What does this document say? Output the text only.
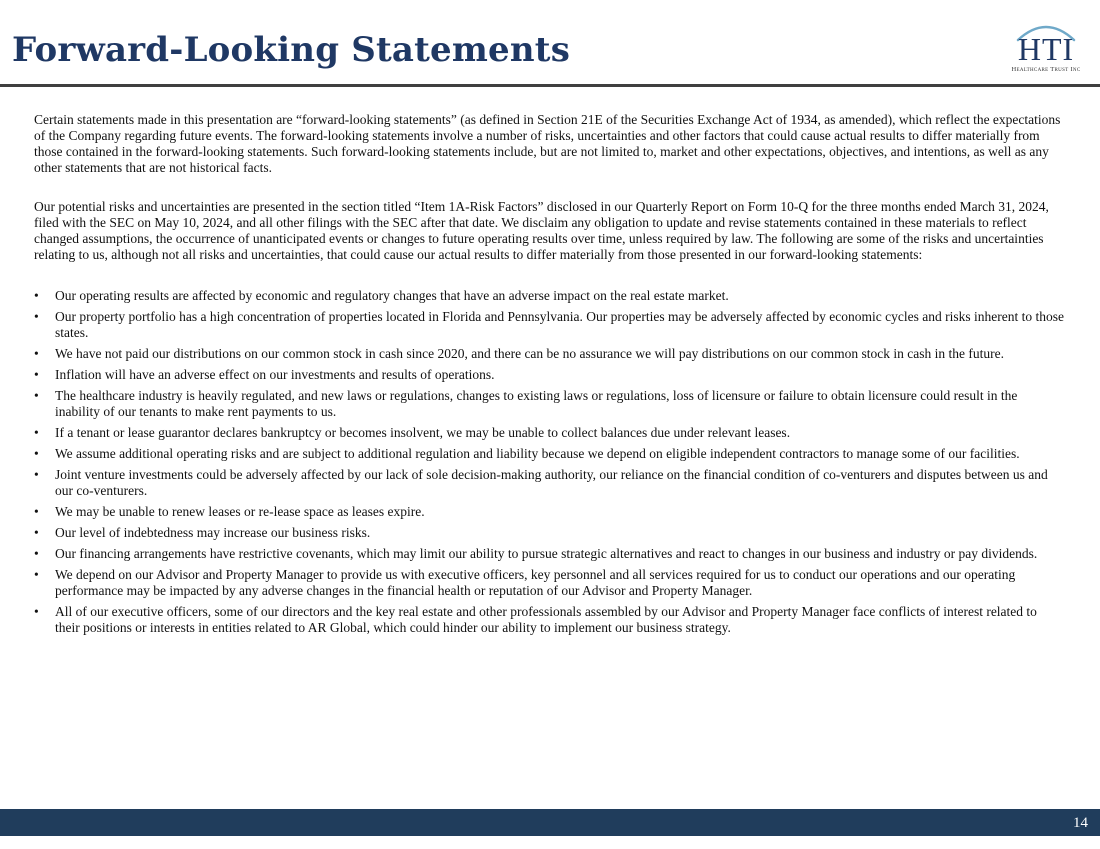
Forward-Looking Statements	HTI
Healthcare Trust Inc

Certain statements made in this presentation are “forward-looking statements” (as defined in Section 21E of the Securities Exchange Act of 1934, as amended), which reflect the expectations of the Company regarding future events. The forward-looking statements involve a number of risks, uncertainties and other factors that could cause actual results to differ materially from those contained in the forward-looking statements. Such forward-looking statements include, but are not limited to, market and other expectations, objectives, and intentions, as well as any other statements that are not historical facts.

Our potential risks and uncertainties are presented in the section titled “Item 1A-Risk Factors” disclosed in our Quarterly Report on Form 10-Q for the three months ended March 31, 2024, filed with the SEC on May 10, 2024, and all other filings with the SEC after that date. We disclaim any obligation to update and revise statements contained in these materials to reflect changed assumptions, the occurrence of unanticipated events or changes to future operating results over time, unless required by law. The following are some of the risks and uncertainties relating to us, although not all risks and uncertainties, that could cause our actual results to differ materially from those presented in our forward-looking statements:

• Our operating results are affected by economic and regulatory changes that have an adverse impact on the real estate market.
• Our property portfolio has a high concentration of properties located in Florida and Pennsylvania. Our properties may be adversely affected by economic cycles and risks inherent to those states.
• We have not paid our distributions on our common stock in cash since 2020, and there can be no assurance we will pay distributions on our common stock in cash in the future.
• Inflation will have an adverse effect on our investments and results of operations.
• The healthcare industry is heavily regulated, and new laws or regulations, changes to existing laws or regulations, loss of licensure or failure to obtain licensure could result in the inability of our tenants to make rent payments to us.
• If a tenant or lease guarantor declares bankruptcy or becomes insolvent, we may be unable to collect balances due under relevant leases.
• We assume additional operating risks and are subject to additional regulation and liability because we depend on eligible independent contractors to manage some of our facilities.
• Joint venture investments could be adversely affected by our lack of sole decision-making authority, our reliance on the financial condition of co-venturers and disputes between us and our co-venturers.
• We may be unable to renew leases or re-lease space as leases expire.
• Our level of indebtedness may increase our business risks.
• Our financing arrangements have restrictive covenants, which may limit our ability to pursue strategic alternatives and react to changes in our business and industry or pay dividends.
• We depend on our Advisor and Property Manager to provide us with executive officers, key personnel and all services required for us to conduct our operations and our operating performance may be impacted by any adverse changes in the financial health or reputation of our Advisor and Property Manager.
• All of our executive officers, some of our directors and the key real estate and other professionals assembled by our Advisor and Property Manager face conflicts of interest related to their positions or interests in entities related to AR Global, which could hinder our ability to implement our business strategy.
14
